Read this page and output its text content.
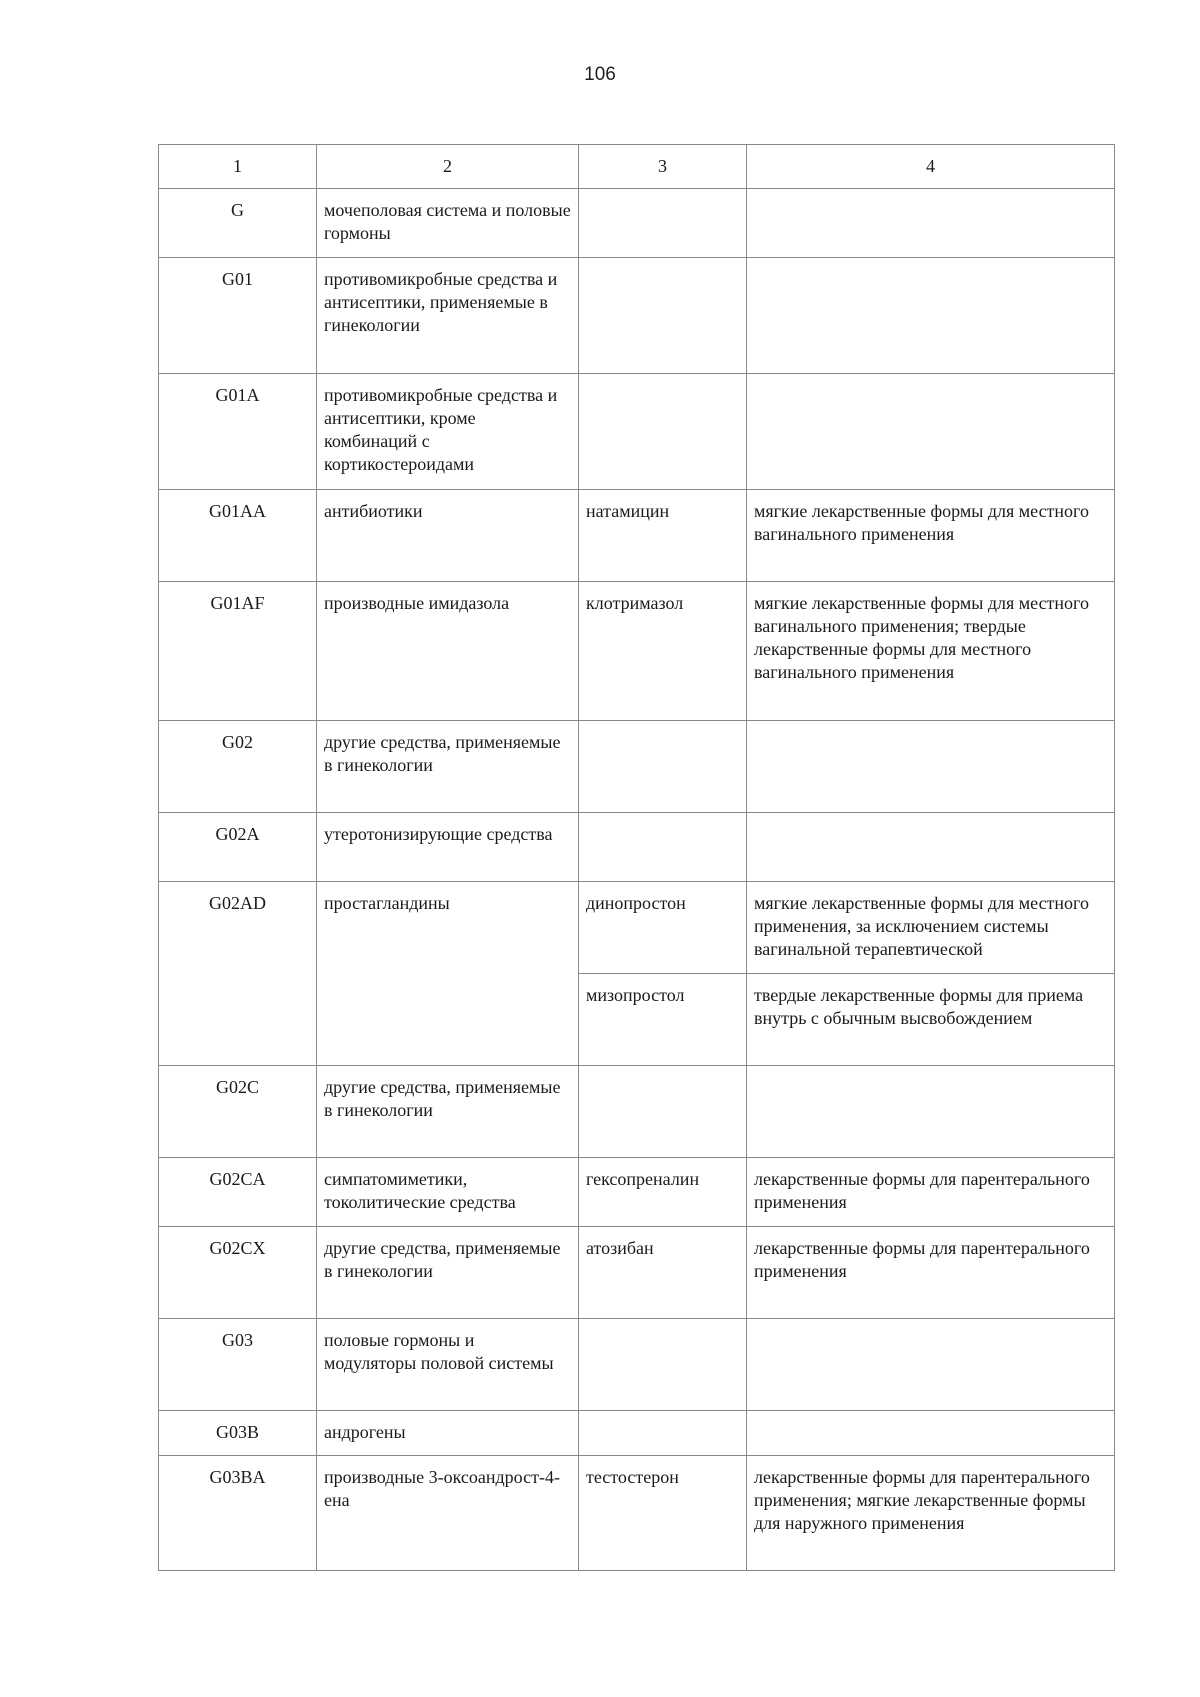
106
1	2	3	4
G	мочеполовая система и половые гормоны		
G01	противомикробные средства и антисептики, применяемые в гинекологии		
G01A	противомикробные средства и антисептики, кроме комбинаций с кортикостероидами		
G01AA	антибиотики	натамицин	мягкие лекарственные формы для местного вагинального применения
G01AF	производные имидазола	клотримазол	мягкие лекарственные формы для местного вагинального применения; твердые лекарственные формы для местного вагинального применения
G02	другие средства, применяемые в гинекологии		
G02A	утеротонизирующие средства		
G02AD	простагландины	динопростон	мягкие лекарственные формы для местного применения, за исключением системы вагинальной терапевтической
		мизопростол	твердые лекарственные формы для приема внутрь с обычным высвобождением
G02C	другие средства, применяемые в гинекологии		
G02CA	симпатомиметики, токолитические средства	гексопреналин	лекарственные формы для парентерального применения
G02CX	другие средства, применяемые в гинекологии	атозибан	лекарственные формы для парентерального применения
G03	половые гормоны и модуляторы половой системы		
G03B	андрогены		
G03BA	производные 3-оксоандрост-4-ена	тестостерон	лекарственные формы для парентерального применения; мягкие лекарственные формы для наружного применения
